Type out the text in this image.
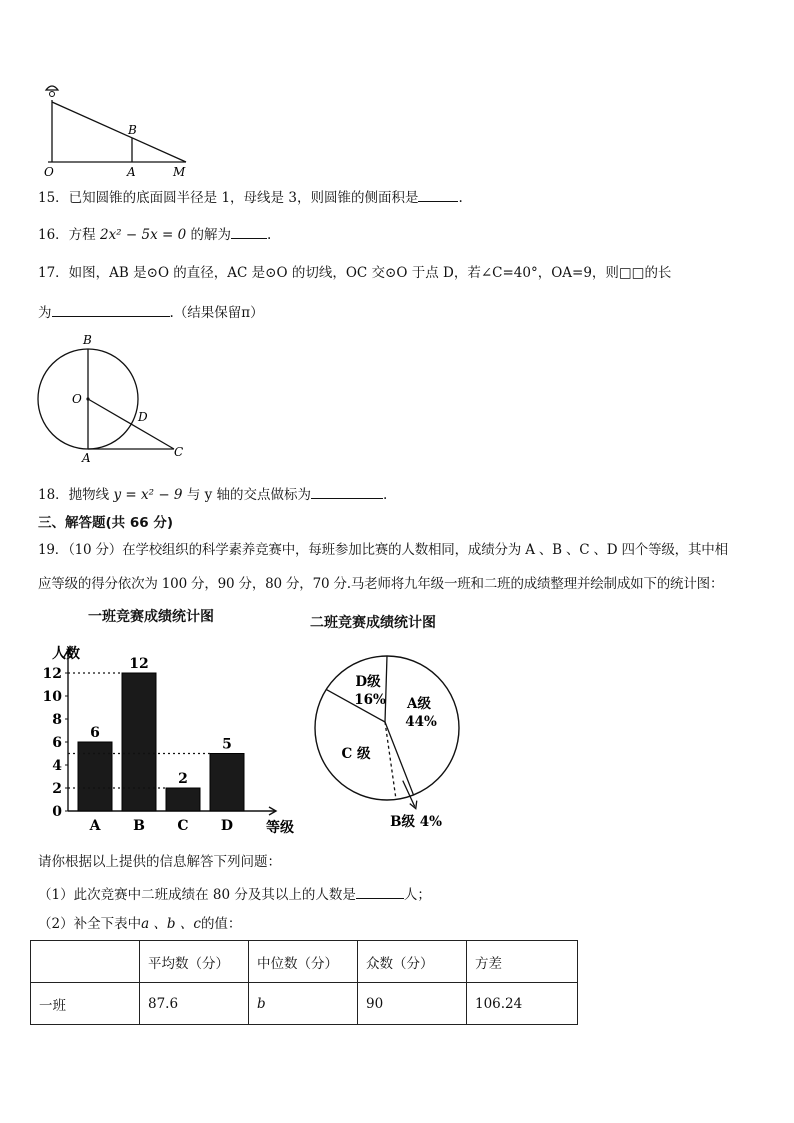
B
O	A	M
15．已知圆锥的底面圆半径是 1，母线是 3，则圆锥的侧面积是	.
16．方程 2x² − 5x = 0 的解为	.
17．如图，AB 是⊙O 的直径，AC 是⊙O 的切线，OC 交⊙O 于点 D，若∠C=40°，OA=9，则□□的长
为	.（结果保留π）
B
O
D
A	C
18．抛物线 y = x² − 9 与 y 轴的交点做标为	.
三、解答题(共 66 分)
19．（10 分）在学校组织的科学素养竞赛中，每班参加比赛的人数相同，成绩分为 A 、B 、C 、D 四个等级，其中相
应等级的得分依次为 100 分，90 分，80 分，70 分.马老师将九年级一班和二班的成绩整理并绘制成如下的统计图：
一班竞赛成绩统计图
人数
0
2
4
6
8
10
12
6
A
12
B
2
C
5
D 等级
二班竞赛成绩统计图
A级
44%
D级
16%
C 级
B级 4%
请你根据以上提供的信息解答下列问题：
（1）此次竞赛中二班成绩在 80 分及其以上的人数是	人；
（2）补全下表中a 、b 、c的值：
	平均数（分）	中位数（分）	众数（分）	方差
一班	87.6	b	90	106.24
